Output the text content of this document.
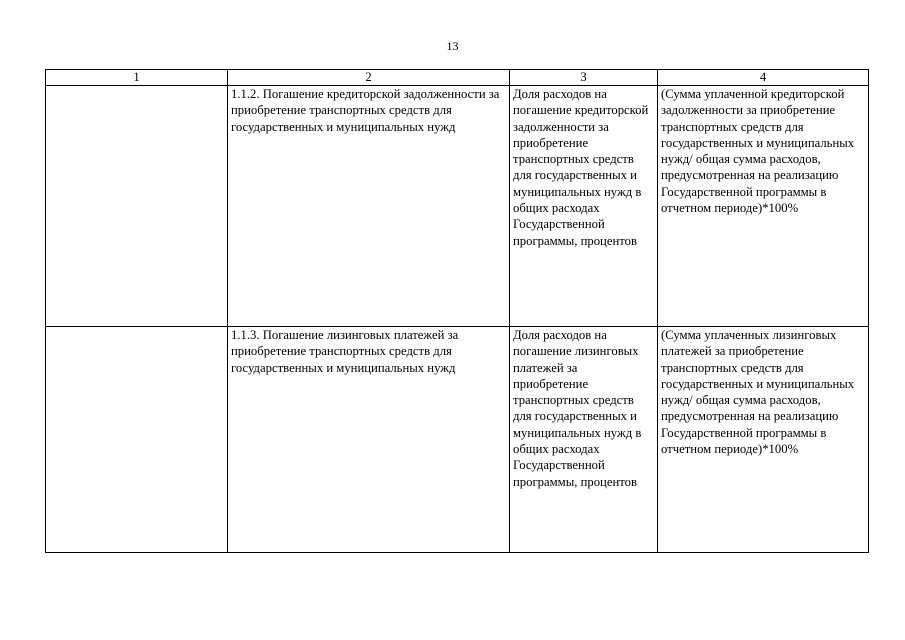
13
1	2	3	4
	1.1.2. Погашение кредиторской задолженности за приобретение транспортных средств для государственных и муниципальных нужд	Доля расходов на погашение кредиторской задолженности за приобретение транспортных средств для государственных и муниципальных нужд в общих расходах Государственной программы, процентов	(Сумма уплаченной кредиторской задолженности за приобретение транспортных средств для государственных и муниципальных нужд/ общая сумма расходов, предусмотренная на реализацию Государственной программы в отчетном периоде)*100%
	1.1.3. Погашение лизинговых платежей за приобретение транспортных средств для государственных и муниципальных нужд	Доля расходов на погашение лизинговых платежей за приобретение транспортных средств для государственных и муниципальных нужд в общих расходах Государственной программы, процентов	(Сумма уплаченных лизинговых платежей за приобретение транспортных средств для государственных и муниципальных нужд/ общая сумма расходов, предусмотренная на реализацию Государственной программы в отчетном периоде)*100%
